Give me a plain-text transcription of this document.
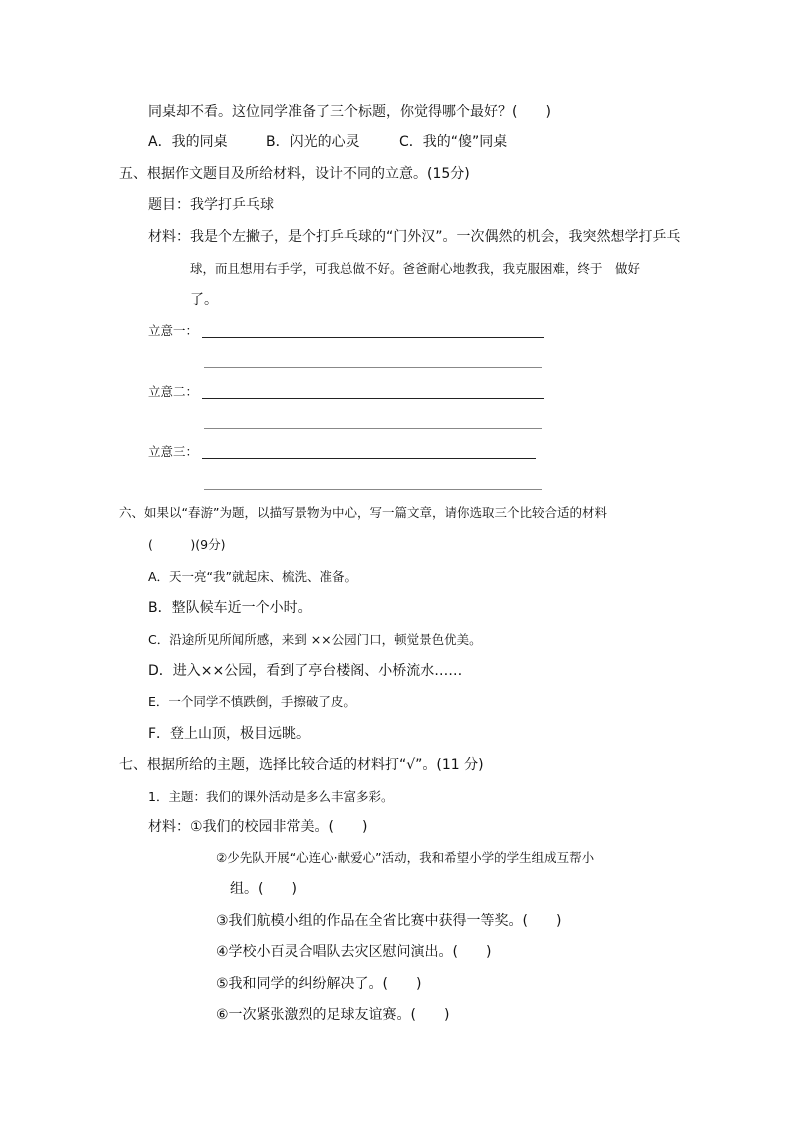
同桌却不看。这位同学准备了三个标题，你觉得哪个最好？(　　)
A．我的同桌	B．闪光的心灵	C．我的“傻”同桌
五、根据作文题目及所给材料，设计不同的立意。(15分)
题目：我学打乒乓球
材料：我是个左撇子，是个打乒乓球的“门外汉”。一次偶然的机会，我突然想学打乒乓
球，而且想用右手学，可我总做不好。爸爸耐心地教我，我克服困难，终于　做好
了。
立意一：
立意二：
立意三：
六、如果以“春游”为题，以描写景物为中心，写一篇文章，请你选取三个比较合适的材料
(　　　)(9分)
A．天一亮“我”就起床、梳洗、准备。
B．整队候车近一个小时。
C．沿途所见所闻所感，来到 ××公园门口，顿觉景色优美。
D．进入××公园，看到了亭台楼阁、小桥流水……
E．一个同学不慎跌倒，手擦破了皮。
F．登上山顶，极目远眺。
七、根据所给的主题，选择比较合适的材料打“√”。(11 分)
1．主题：我们的课外活动是多么丰富多彩。
材料：①我们的校园非常美。(　　)
②少先队开展“心连心·献爱心”活动，我和希望小学的学生组成互帮小
组。(　　)
③我们航模小组的作品在全省比赛中获得一等奖。(　　)
④学校小百灵合唱队去灾区慰问演出。(　　)
⑤我和同学的纠纷解决了。(　　)
⑥一次紧张激烈的足球友谊赛。(　　)
